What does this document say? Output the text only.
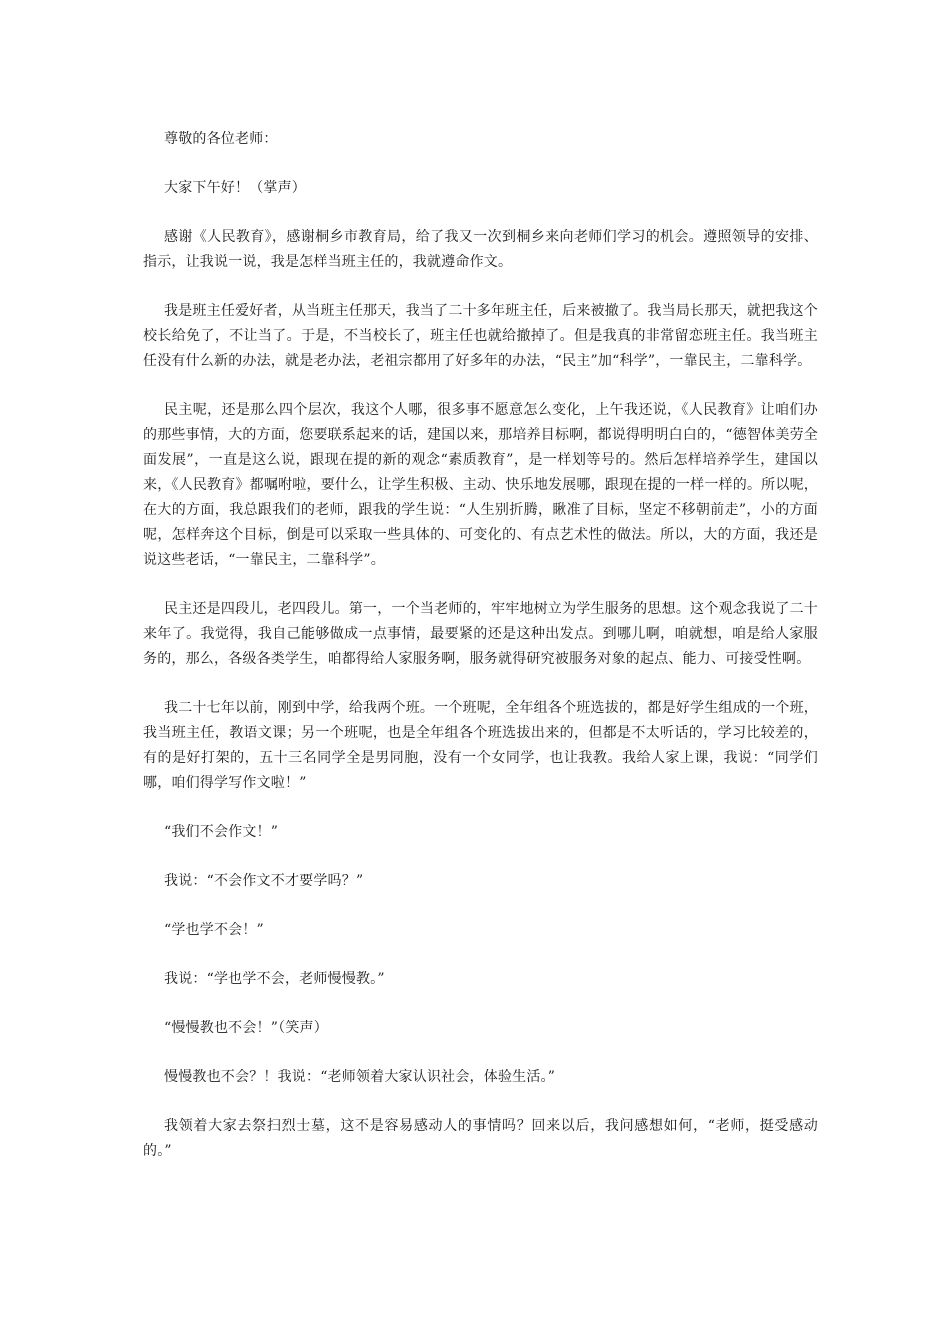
尊敬的各位老师：

大家下午好！（掌声）

感谢《人民教育》，感谢桐乡市教育局，给了我又一次到桐乡来向老师们学习的机会。遵照领导的安排、指示，让我说一说，我是怎样当班主任的，我就遵命作文。

我是班主任爱好者，从当班主任那天，我当了二十多年班主任，后来被撤了。我当局长那天，就把我这个校长给免了，不让当了。于是，不当校长了，班主任也就给撤掉了。但是我真的非常留恋班主任。我当班主任没有什么新的办法，就是老办法，老祖宗都用了好多年的办法，“民主”加“科学”，一靠民主，二靠科学。

民主呢，还是那么四个层次，我这个人哪，很多事不愿意怎么变化，上午我还说，《人民教育》让咱们办的那些事情，大的方面，您要联系起来的话，建国以来，那培养目标啊，都说得明明白白的，“德智体美劳全面发展”，一直是这么说，跟现在提的新的观念“素质教育”，是一样划等号的。然后怎样培养学生，建国以来，《人民教育》都嘱咐啦，要什么，让学生积极、主动、快乐地发展哪，跟现在提的一样一样的。所以呢，在大的方面，我总跟我们的老师，跟我的学生说：“人生别折腾，瞅准了目标，坚定不移朝前走”，小的方面呢，怎样奔这个目标，倒是可以采取一些具体的、可变化的、有点艺术性的做法。所以，大的方面，我还是说这些老话，“一靠民主，二靠科学”。

民主还是四段儿，老四段儿。第一，一个当老师的，牢牢地树立为学生服务的思想。这个观念我说了二十来年了。我觉得，我自己能够做成一点事情，最要紧的还是这种出发点。到哪儿啊，咱就想，咱是给人家服务的，那么，各级各类学生，咱都得给人家服务啊，服务就得研究被服务对象的起点、能力、可接受性啊。

我二十七年以前，刚到中学，给我两个班。一个班呢，全年组各个班选拔的，都是好学生组成的一个班，我当班主任，教语文课；另一个班呢，也是全年组各个班选拔出来的，但都是不太听话的，学习比较差的，有的是好打架的，五十三名同学全是男同胞，没有一个女同学，也让我教。我给人家上课，我说：“同学们哪，咱们得学写作文啦！”

“我们不会作文！”

我说：“不会作文不才要学吗？”

“学也学不会！”

我说：“学也学不会，老师慢慢教。”

“慢慢教也不会！”（笑声）

慢慢教也不会？！我说：“老师领着大家认识社会，体验生活。”

我领着大家去祭扫烈士墓，这不是容易感动人的事情吗？回来以后，我问感想如何，“老师，挺受感动的。”
